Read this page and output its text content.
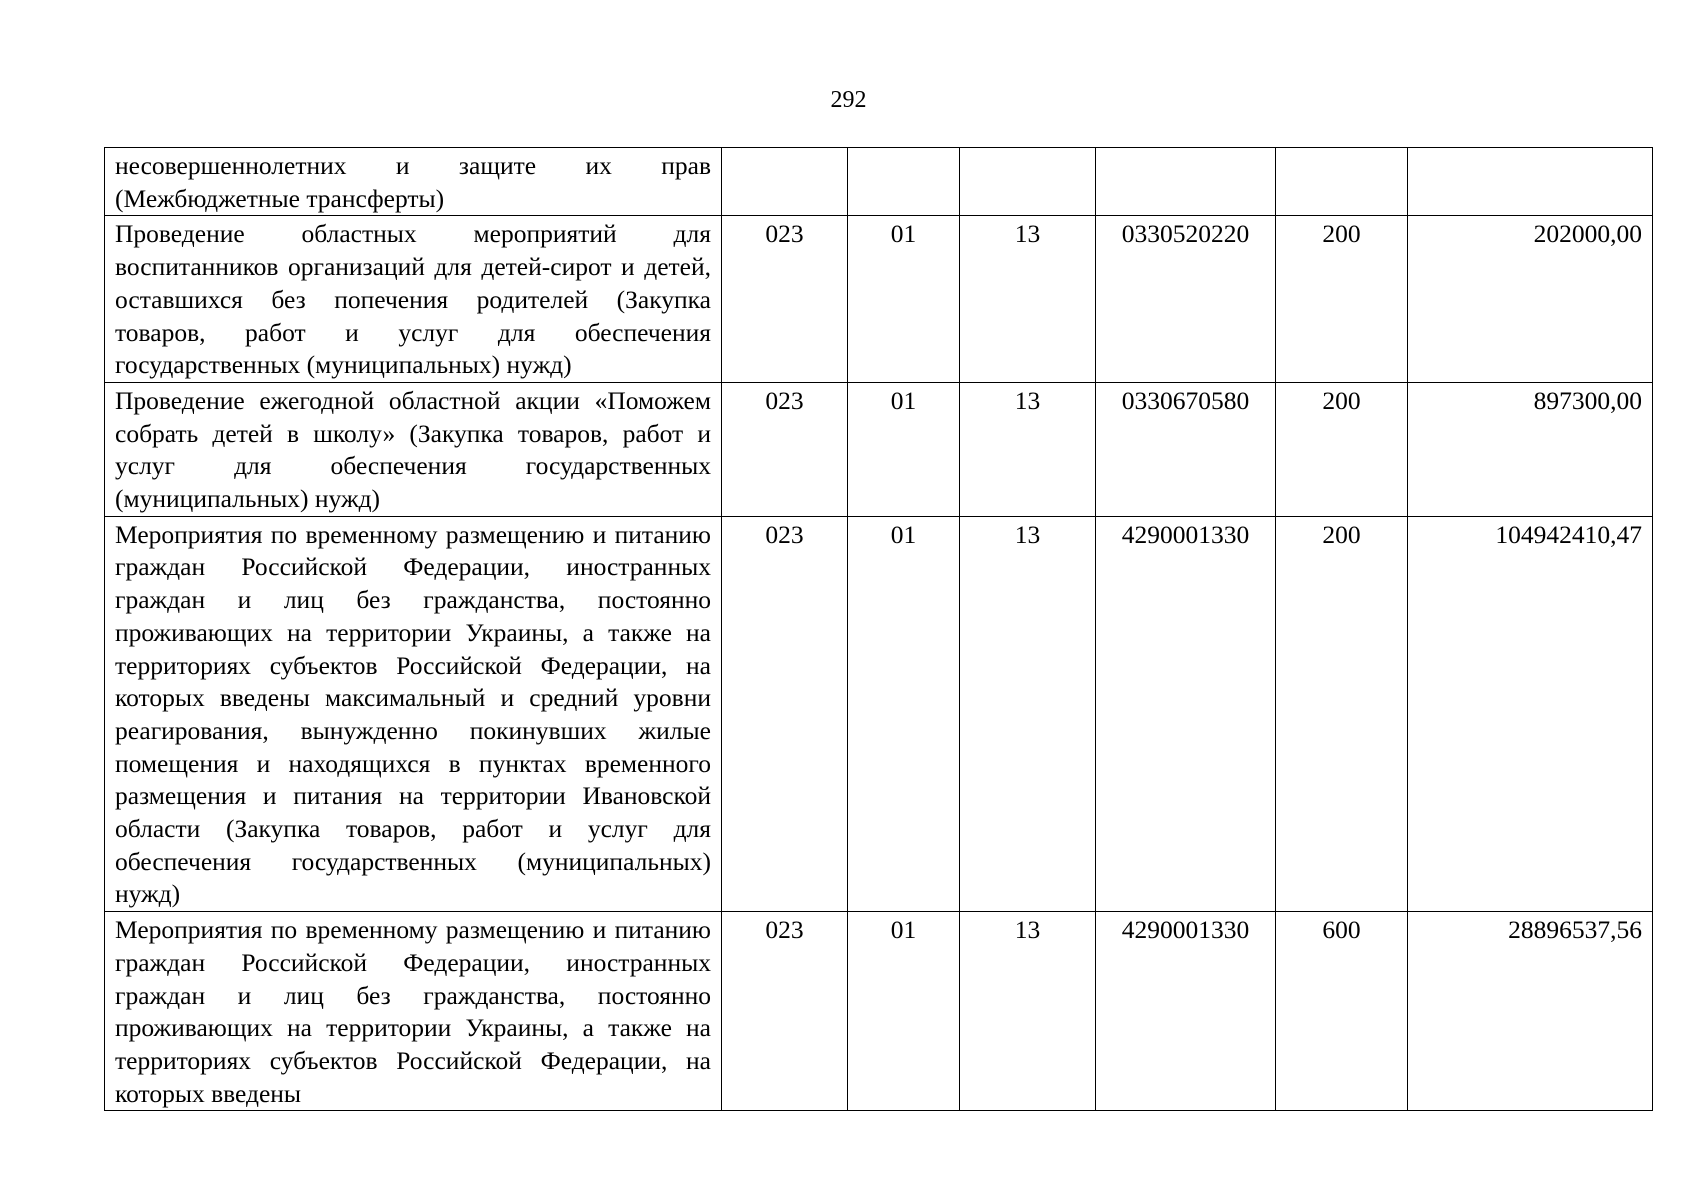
292
несовершеннолетних и защите их прав (Межбюджетные трансферты)						
Проведение областных мероприятий для воспитанников организаций для детей-сирот и детей, оставшихся без попечения родителей (Закупка товаров, работ и услуг для обеспечения государственных (муниципальных) нужд)	023	01	13	0330520220	200	202000,00
Проведение ежегодной областной акции «Поможем собрать детей в школу» (Закупка товаров, работ и услуг для обеспечения государственных (муниципальных) нужд)	023	01	13	0330670580	200	897300,00
Мероприятия по временному размещению и питанию граждан Российской Федерации, иностранных граждан и лиц без гражданства, постоянно проживающих на территории Украины, а также на территориях субъектов Российской Федерации, на которых введены максимальный и средний уровни реагирования, вынужденно покинувших жилые помещения и находящихся в пунктах временного размещения и питания на территории Ивановской области (Закупка товаров, работ и услуг для обеспечения государственных (муниципальных) нужд)	023	01	13	4290001330	200	104942410,47
Мероприятия по временному размещению и питанию граждан Российской Федерации, иностранных граждан и лиц без гражданства, постоянно проживающих на территории Украины, а также на территориях субъектов Российской Федерации, на которых введены	023	01	13	4290001330	600	28896537,56
